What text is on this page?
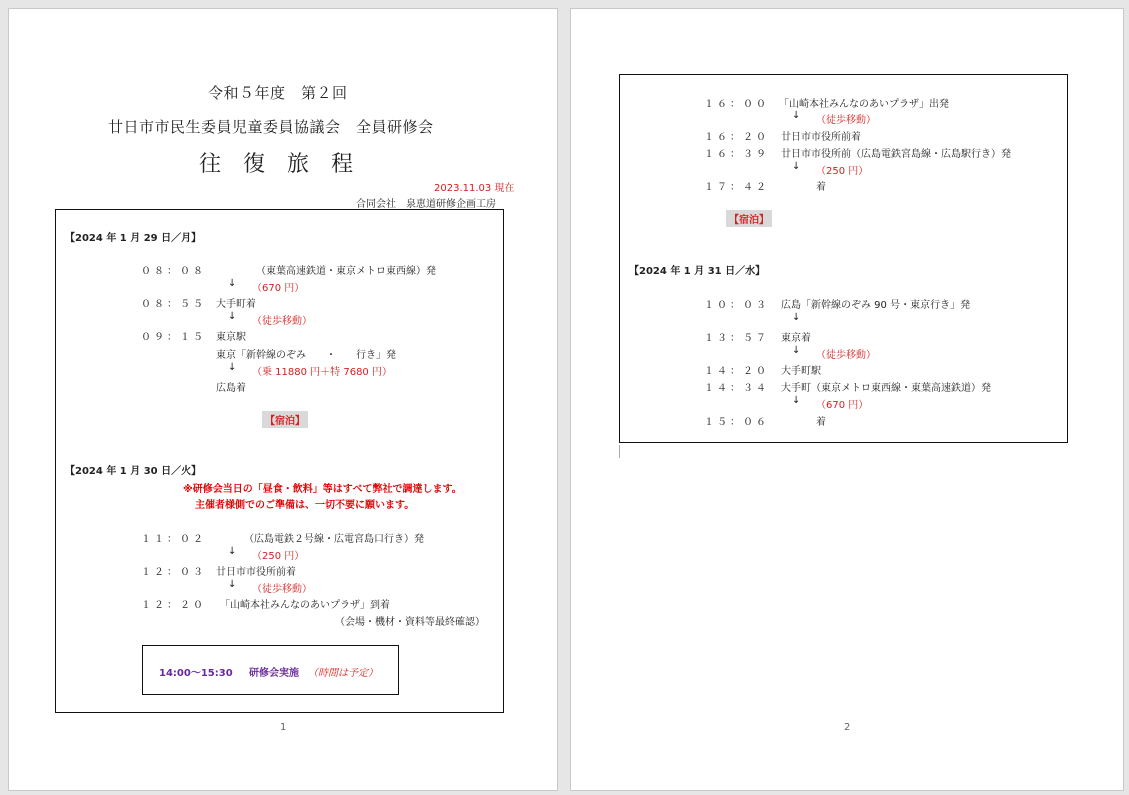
令和５年度　第２回
廿日市市民生委員児童委員協議会　全員研修会
往復旅程
2023.11.03 現在
合同会社　泉恵道研修企画工房
【2024 年 1 月 29 日／月】
０８：０８	（東葉高速鉄道・東京メトロ東西線）発
↓ （670 円）
０８：５５ 大手町着
↓ （徒歩移動）
０９：１５ 東京駅
東京「新幹線のぞみ　　・　　行き」発
↓ （乗 11880 円＋特 7680 円）
広島着
【宿泊】
【2024 年 1 月 30 日／火】
※研修会当日の「昼食・飲料」等はすべて弊社で調達します。
主催者様側でのご準備は、一切不要に願います。
１１：０２	（広島電鉄２号線・広電宮島口行き）発
↓ （250 円）
１２：０３ 廿日市市役所前着
↓ （徒歩移動）
１２：２０ 「山崎本社みんなのあいプラザ」到着
（会場・機材・資料等最終確認）
14:00～15:30 研修会実施 （時間は予定）
1
１６：００ 「山崎本社みんなのあいプラザ」出発
↓ （徒歩移動）
１６：２０ 廿日市市役所前着
１６：３９ 廿日市市役所前（広島電鉄宮島線・広島駅行き）発
↓ （250 円）
１７：４２	着
【宿泊】
【2024 年 1 月 31 日／水】
１０：０３ 広島「新幹線のぞみ 90 号・東京行き」発
↓
１３：５７ 東京着
↓ （徒歩移動）
１４：２０ 大手町駅
１４：３４ 大手町（東京メトロ東西線・東葉高速鉄道）発
↓ （670 円）
１５：０６	着
2
